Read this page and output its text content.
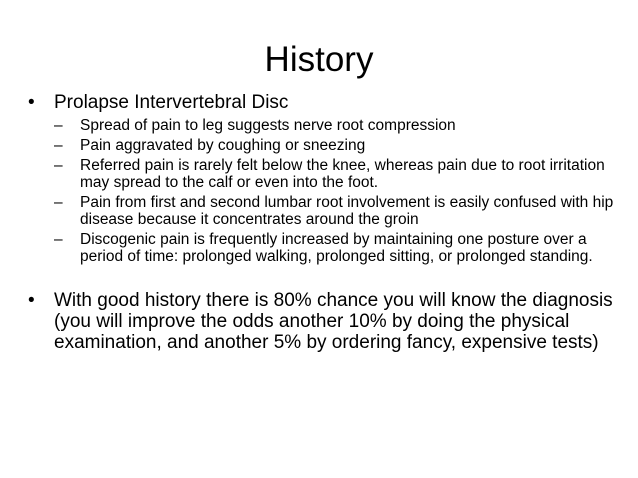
History
• Prolapse Intervertebral Disc
– Spread of pain to leg suggests nerve root compression
– Pain aggravated by coughing or sneezing
– Referred pain is rarely felt below the knee, whereas pain due to root irritation may spread to the calf or even into the foot.
– Pain from first and second lumbar root involvement is easily confused with hip disease because it concentrates around the groin
– Discogenic pain is frequently increased by maintaining one posture over a period of time: prolonged walking, prolonged sitting, or prolonged standing.
• With good history there is 80% chance you will know the diagnosis (you will improve the odds another 10% by doing the physical examination, and another 5% by ordering fancy, expensive tests)
